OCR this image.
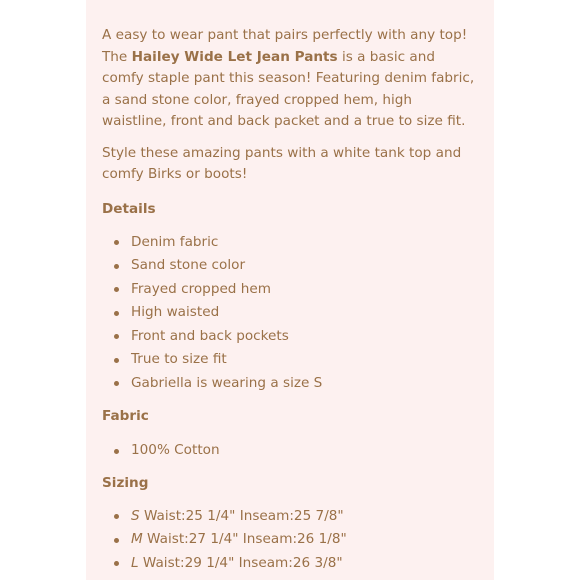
A easy to wear pant that pairs perfectly with any top! The Hailey Wide Let Jean Pants is a basic and comfy staple pant this season! Featuring denim fabric, a sand stone color, frayed cropped hem, high waistline, front and back packet and a true to size fit.

Style these amazing pants with a white tank top and comfy Birks or boots!

Details
Denim fabric
Sand stone color
Frayed cropped hem
High waisted
Front and back pockets
True to size fit
Gabriella is wearing a size S
Fabric
100% Cotton
Sizing
S Waist:25 1/4" Inseam:25 7/8"
M Waist:27 1/4" Inseam:26 1/8"
L Waist:29 1/4" Inseam:26 3/8"
